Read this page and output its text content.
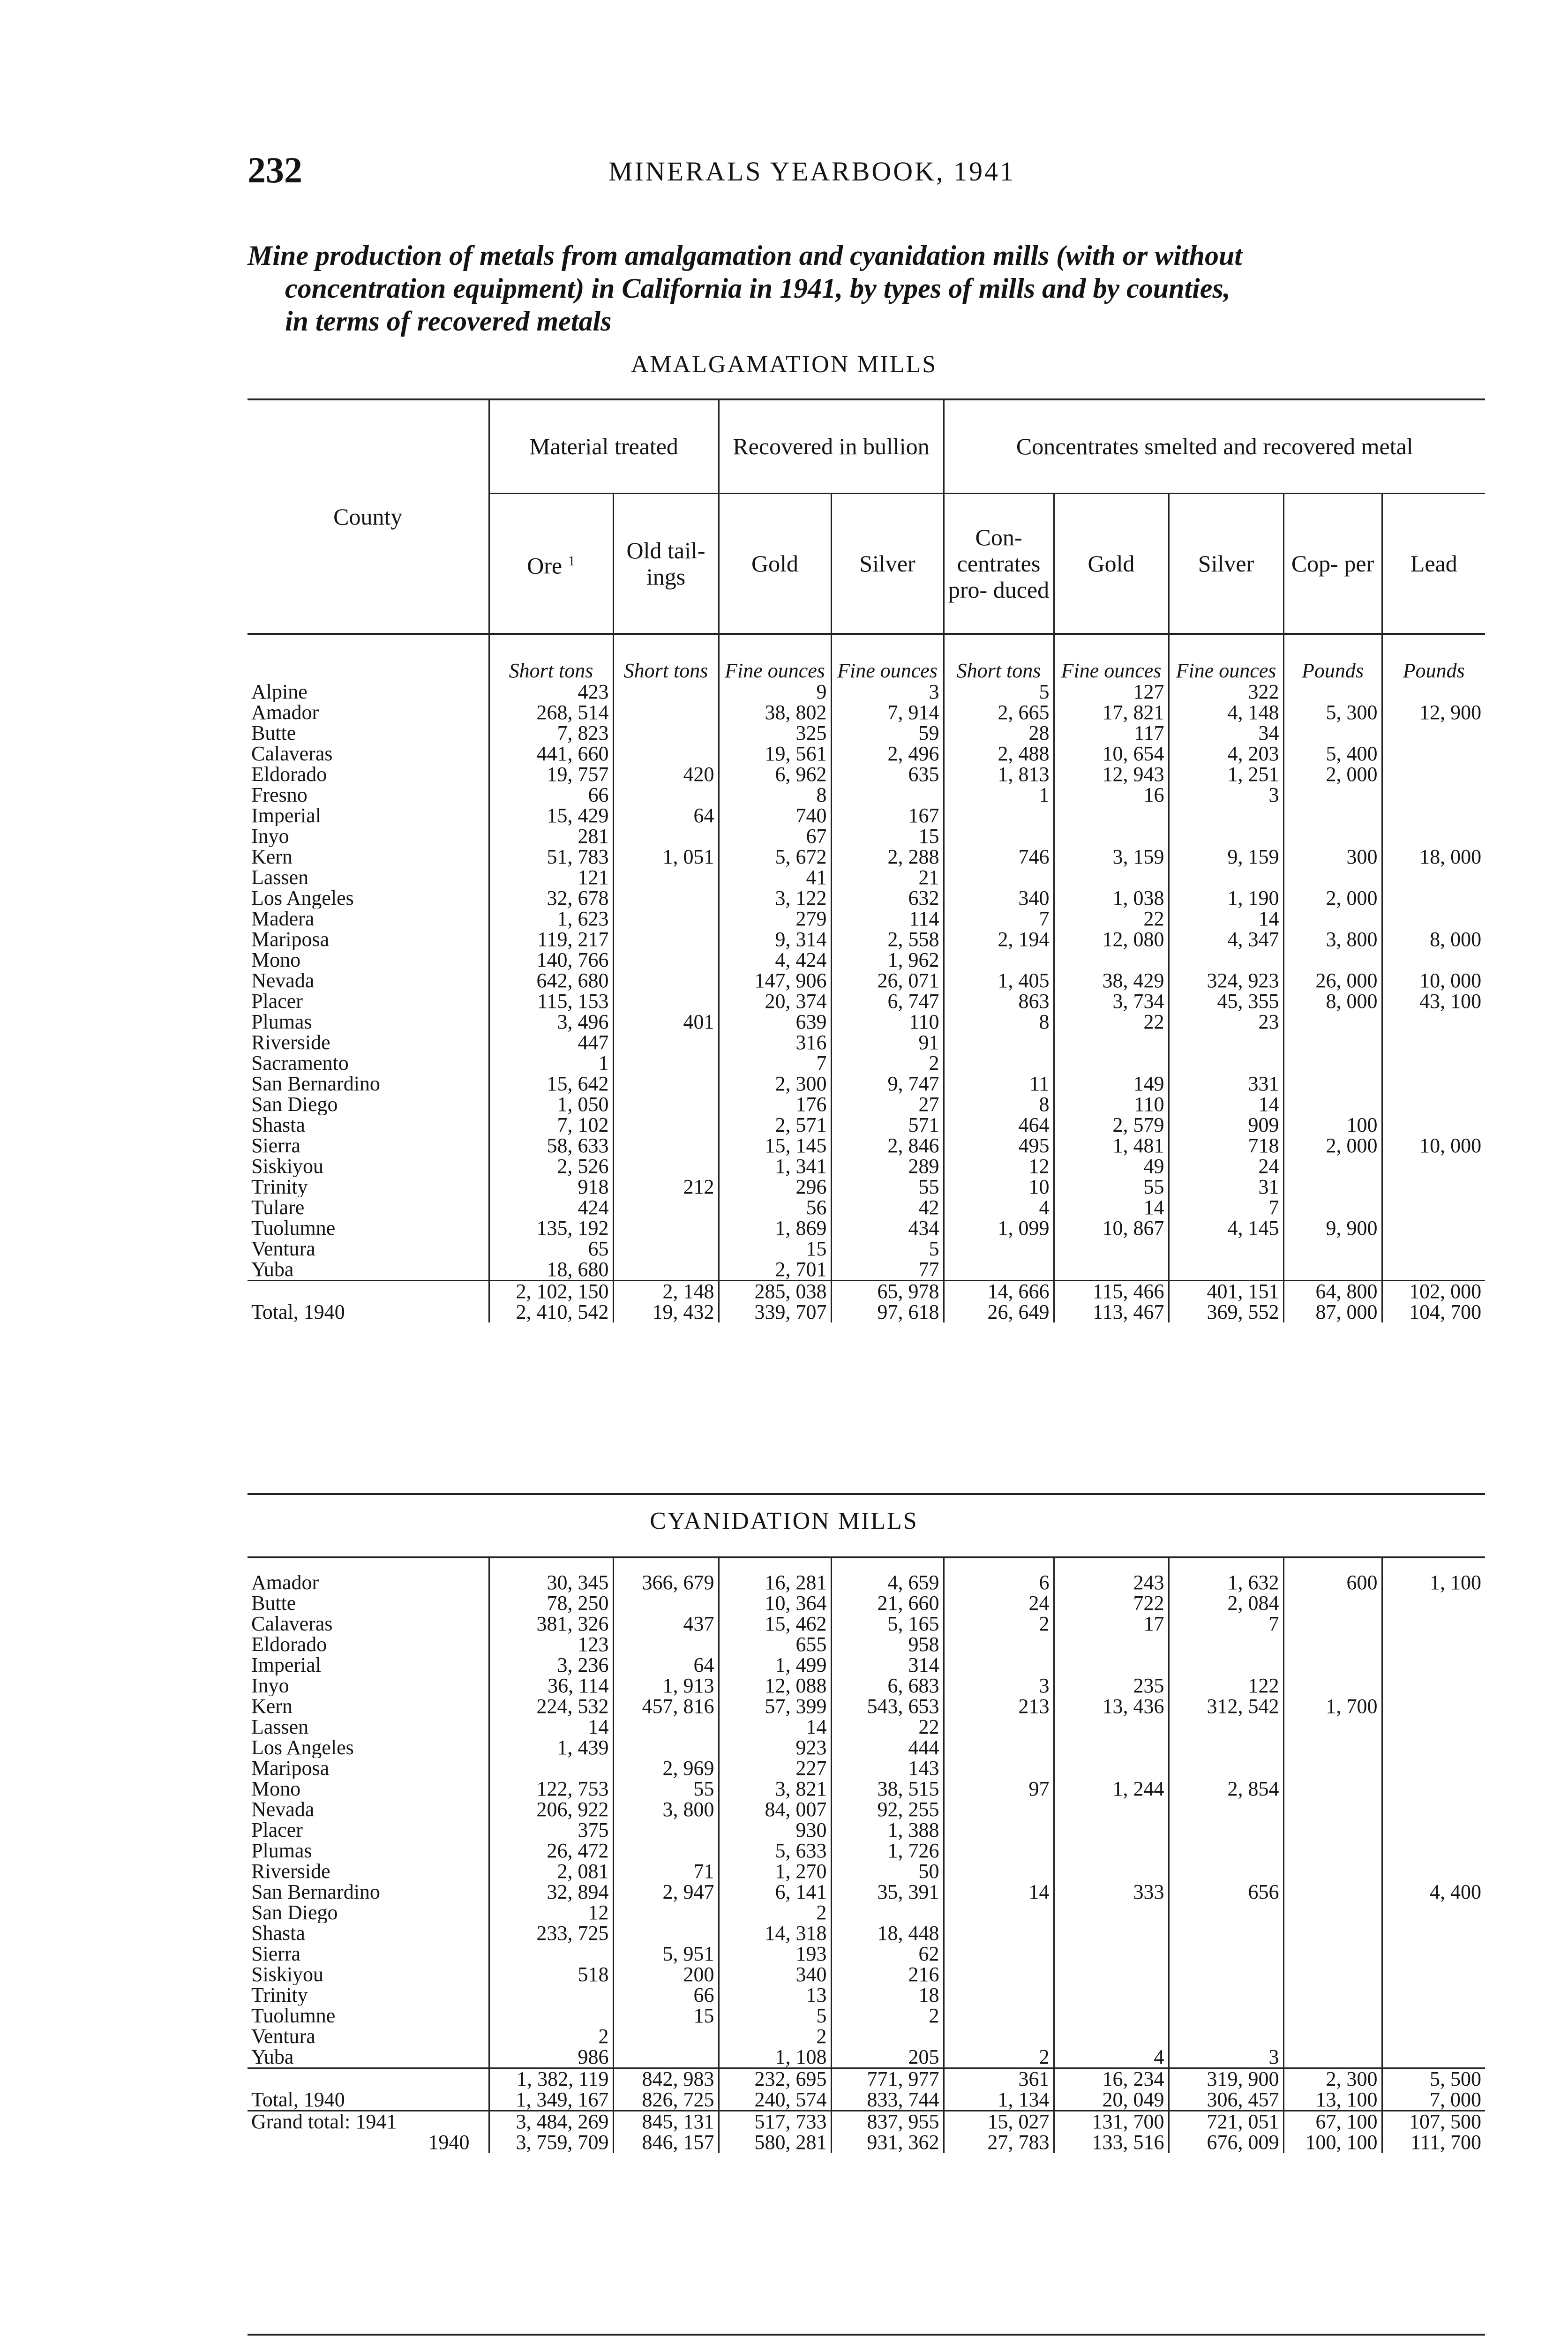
232	MINERALS YEARBOOK, 1941
Mine production of metals from amalgamation and cyanidation mills (with or without
concentration equipment) in California in 1941, by types of mills and by counties,
in terms of recovered metals
AMALGAMATION MILLS
County	Material treated		Recovered in bullion		Concentrates smelted and recovered metal				
	Ore $^1$	Old tail- ings	Gold	Silver	Con- centrates pro- duced	Gold	Silver	Cop- per	Lead
	Short tons	Short tons	Fine ounces	Fine ounces	Short tons	Fine ounces	Fine ounces	Pounds	Pounds
Alpine	423		9	3	5	127	322		
Amador	268, 514		38, 802	7, 914	2, 665	17, 821	4, 148	5, 300	12, 900
Butte	7, 823		325	59	28	117	34		
Calaveras	441, 660		19, 561	2, 496	2, 488	10, 654	4, 203	5, 400	
Eldorado	19, 757	420	6, 962	635	1, 813	12, 943	1, 251	2, 000	
Fresno	66		8		1	16	3		
Imperial	15, 429	64	740	167					
Inyo	281		67	15					
Kern	51, 783	1, 051	5, 672	2, 288	746	3, 159	9, 159	300	18, 000
Lassen	121		41	21					
Los Angeles	32, 678		3, 122	632	340	1, 038	1, 190	2, 000	
Madera	1, 623		279	114	7	22	14		
Mariposa	119, 217		9, 314	2, 558	2, 194	12, 080	4, 347	3, 800	8, 000
Mono	140, 766		4, 424	1, 962					
Nevada	642, 680		147, 906	26, 071	1, 405	38, 429	324, 923	26, 000	10, 000
Placer	115, 153		20, 374	6, 747	863	3, 734	45, 355	8, 000	43, 100
Plumas	3, 496	401	639	110	8	22	23		
Riverside	447		316	91					
Sacramento	1		7	2					
San Bernardino	15, 642		2, 300	9, 747	11	149	331		
San Diego	1, 050		176	27	8	110	14		
Shasta	7, 102		2, 571	571	464	2, 579	909	100	
Sierra	58, 633		15, 145	2, 846	495	1, 481	718	2, 000	10, 000
Siskiyou	2, 526		1, 341	289	12	49	24		
Trinity	918	212	296	55	10	55	31		
Tulare	424		56	42	4	14	7		
Tuolumne	135, 192		1, 869	434	1, 099	10, 867	4, 145	9, 900	
Ventura	65		15	5					
Yuba	18, 680		2, 701	77					
	2, 102, 150	2, 148	285, 038	65, 978	14, 666	115, 466	401, 151	64, 800	102, 000
Total, 1940	2, 410, 542	19, 432	339, 707	97, 618	26, 649	113, 467	369, 552	87, 000	104, 700
CYANIDATION MILLS

Amador	30, 345	366, 679	16, 281	4, 659	6	243	1, 632	600	1, 100
Butte	78, 250		10, 364	21, 660	24	722	2, 084		
Calaveras	381, 326	437	15, 462	5, 165	2	17	7		
Eldorado	123		655	958					
Imperial	3, 236	64	1, 499	314					
Inyo	36, 114	1, 913	12, 088	6, 683	3	235	122		
Kern	224, 532	457, 816	57, 399	543, 653	213	13, 436	312, 542	1, 700	
Lassen	14		14	22					
Los Angeles	1, 439		923	444					
Mariposa		2, 969	227	143					
Mono	122, 753	55	3, 821	38, 515	97	1, 244	2, 854		
Nevada	206, 922	3, 800	84, 007	92, 255					
Placer	375		930	1, 388					
Plumas	26, 472		5, 633	1, 726					
Riverside	2, 081	71	1, 270	50					
San Bernardino	32, 894	2, 947	6, 141	35, 391	14	333	656		4, 400
San Diego	12		2						
Shasta	233, 725		14, 318	18, 448					
Sierra		5, 951	193	62					
Siskiyou	518	200	340	216					
Trinity		66	13	18					
Tuolumne		15	5	2					
Ventura	2		2						
Yuba	986		1, 108	205	2	4	3		
	1, 382, 119	842, 983	232, 695	771, 977	361	16, 234	319, 900	2, 300	5, 500
Total, 1940	1, 349, 167	826, 725	240, 574	833, 744	1, 134	20, 049	306, 457	13, 100	7, 000
Grand total: 1941	3, 484, 269	845, 131	517, 733	837, 955	15, 027	131, 700	721, 051	67, 100	107, 500
1940	3, 759, 709	846, 157	580, 281	931, 362	27, 783	133, 516	676, 009	100, 100	111, 700
